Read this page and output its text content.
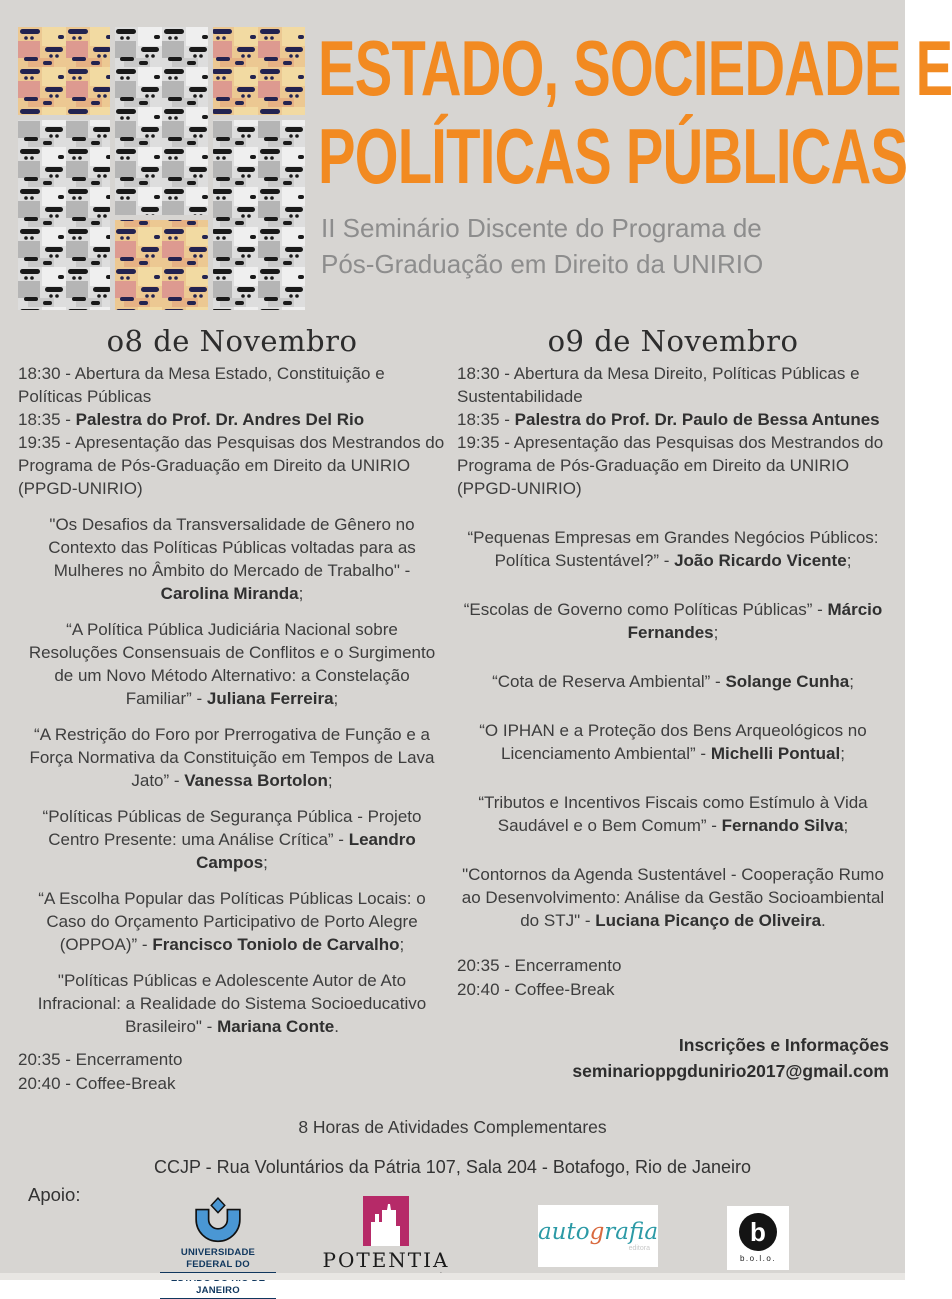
ESTADO, SOCIEDADE E
POLÍTICAS PÚBLICAS
II Seminário Discente do Programa de
Pós-Graduação em Direito da UNIRIO
o8 de Novembro

18:30 - Abertura da Mesa Estado, Constituição e Políticas Públicas

18:35 - Palestra do Prof. Dr. Andres Del Rio

19:35 - Apresentação das Pesquisas dos Mestrandos do Programa de Pós-Graduação em Direito da UNIRIO (PPGD-UNIRIO)

"Os Desafios da Transversalidade de Gênero no Contexto das Políticas Públicas voltadas para as Mulheres no Âmbito do Mercado de Trabalho" - Carolina Miranda;

“A Política Pública Judiciária Nacional sobre Resoluções Consensuais de Conflitos e o Surgimento de um Novo Método Alternativo: a Constelação Familiar” - Juliana Ferreira;

“A Restrição do Foro por Prerrogativa de Função e a Força Normativa da Constituição em Tempos de Lava Jato” - Vanessa Bortolon;

“Políticas Públicas de Segurança Pública - Projeto Centro Presente: uma Análise Crítica” - Leandro Campos;

“A Escolha Popular das Políticas Públicas Locais: o Caso do Orçamento Participativo de Porto Alegre (OPPOA)” - Francisco Toniolo de Carvalho;

"Políticas Públicas e Adolescente Autor de Ato Infracional: a Realidade do Sistema Socioeducativo Brasileiro" - Mariana Conte.

20:35 - Encerramento
20:40 - Coffee-Break
o9 de Novembro

18:30 - Abertura da Mesa Direito, Políticas Públicas e Sustentabilidade

18:35 - Palestra do Prof. Dr. Paulo de Bessa Antunes

19:35 - Apresentação das Pesquisas dos Mestrandos do Programa de Pós-Graduação em Direito da UNIRIO (PPGD-UNIRIO)

“Pequenas Empresas em Grandes Negócios Públicos: Política Sustentável?” - João Ricardo Vicente;

“Escolas de Governo como Políticas Públicas” - Márcio Fernandes;

“Cota de Reserva Ambiental” - Solange Cunha;

“O IPHAN e a Proteção dos Bens Arqueológicos no Licenciamento Ambiental” - Michelli Pontual;

“Tributos e Incentivos Fiscais como Estímulo à Vida Saudável e o Bem Comum” - Fernando Silva;

"Contornos da Agenda Sustentável - Cooperação Rumo ao Desenvolvimento: Análise da Gestão Socioambiental do STJ" - Luciana Picanço de Oliveira.

20:35 - Encerramento
20:40 - Coffee-Break
Inscrições e Informações
seminarioppgdunirio2017@gmail.com
8 Horas de Atividades Complementares
CCJP - Rua Voluntários da Pátria 107, Sala 204 - Botafogo, Rio de Janeiro
Apoio:
UNIVERSIDADE FEDERAL DO
JANEIRO
POTENTIA
autografia
editora
b
b.o.l.o.
